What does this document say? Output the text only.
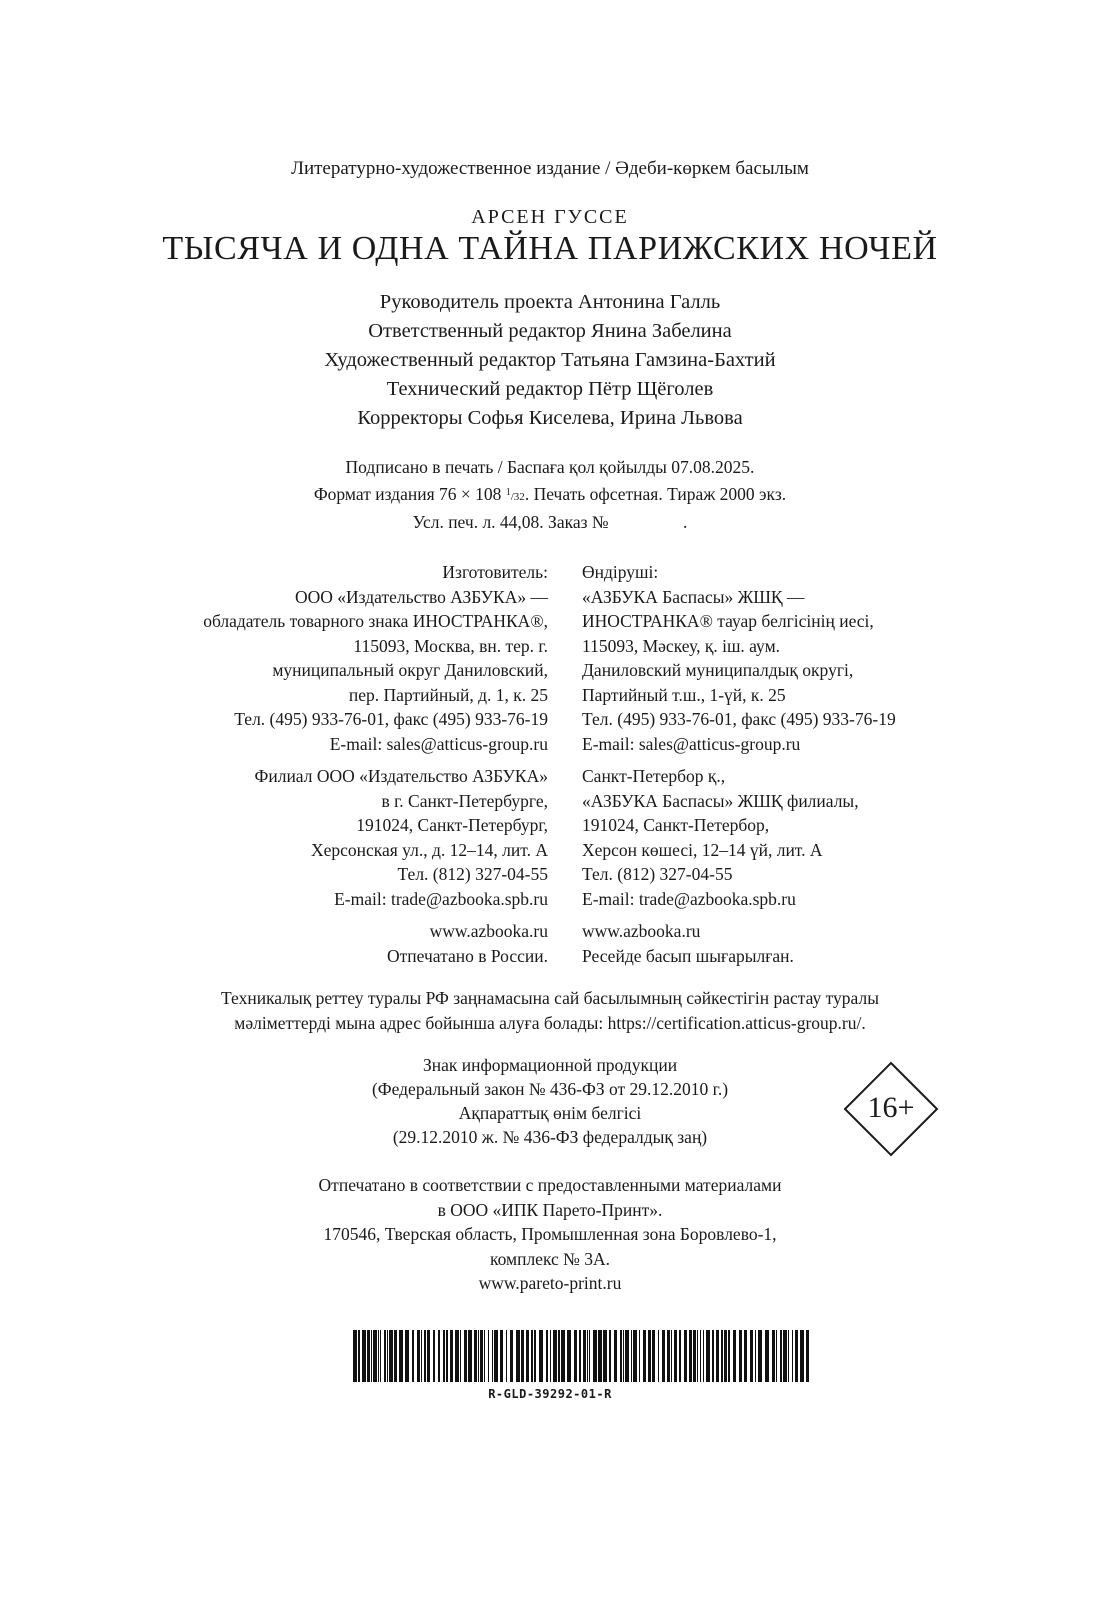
Литературно-художественное издание / Әдеби-көркем басылым
АРСЕН ГУССЕ
ТЫСЯЧА И ОДНА ТАЙНА ПАРИЖСКИХ НОЧЕЙ
Руководитель проекта Антонина Галль
Ответственный редактор Янина Забелина
Художественный редактор Татьяна Гамзина-Бахтий
Технический редактор Пётр Щёголев
Корректоры Софья Киселева, Ирина Львова
Подписано в печать / Баспаға қол қойылды 07.08.2025.
Формат издания 76 × 108 $^1$/32. Печать офсетная. Тираж 2000 экз.
Усл. печ. л. 44,08. Заказ №                 .
Изготовитель:
ООО «Издательство АЗБУКА» —
обладатель товарного знака ИНОСТРАНКА®,
115093, Москва, вн. тер. г.
муниципальный округ Даниловский,
пер. Партийный, д. 1, к. 25
Тел. (495) 933-76-01, факс (495) 933-76-19
E-mail: sales@atticus-group.ru
Филиал ООО «Издательство АЗБУКА»
в г. Санкт-Петербурге,
191024, Санкт-Петербург,
Херсонская ул., д. 12–14, лит. А
Тел. (812) 327-04-55
E-mail: trade@azbooka.spb.ru
www.azbooka.ru
Отпечатано в России.
Өндіруші:
«АЗБУКА Баспасы» ЖШҚ —
ИНОСТРАНКА® тауар белгісінің иесі,
115093, Мәскеу, қ. іш. аум.
Даниловский муниципалдық округі,
Партийный т.ш., 1-үй, к. 25
Тел. (495) 933-76-01, факс (495) 933-76-19
E-mail: sales@atticus-group.ru
Санкт-Петербор қ.,
«АЗБУКА Баспасы» ЖШҚ филиалы,
191024, Санкт-Петербор,
Херсон көшесі, 12–14 үй, лит. А
Тел. (812) 327-04-55
E-mail: trade@azbooka.spb.ru
www.azbooka.ru
Ресейде басып шығарылған.
Техникалық реттеу туралы РФ заңнамасына сай басылымның сәйкестігін растау туралы
мәліметтерді мына адрес бойынша алуға болады: https://certification.atticus-group.ru/.
Знак информационной продукции
(Федеральный закон № 436-ФЗ от 29.12.2010 г.)
Ақпараттық өнім белгісі
(29.12.2010 ж. № 436-ФЗ федералдық заң)
16+
Отпечатано в соответствии с предоставленными материалами
в ООО «ИПК Парето-Принт».
170546, Тверская область, Промышленная зона Боровлево-1,
комплекс № 3А.
www.pareto-print.ru
R-GLD-39292-01-R
